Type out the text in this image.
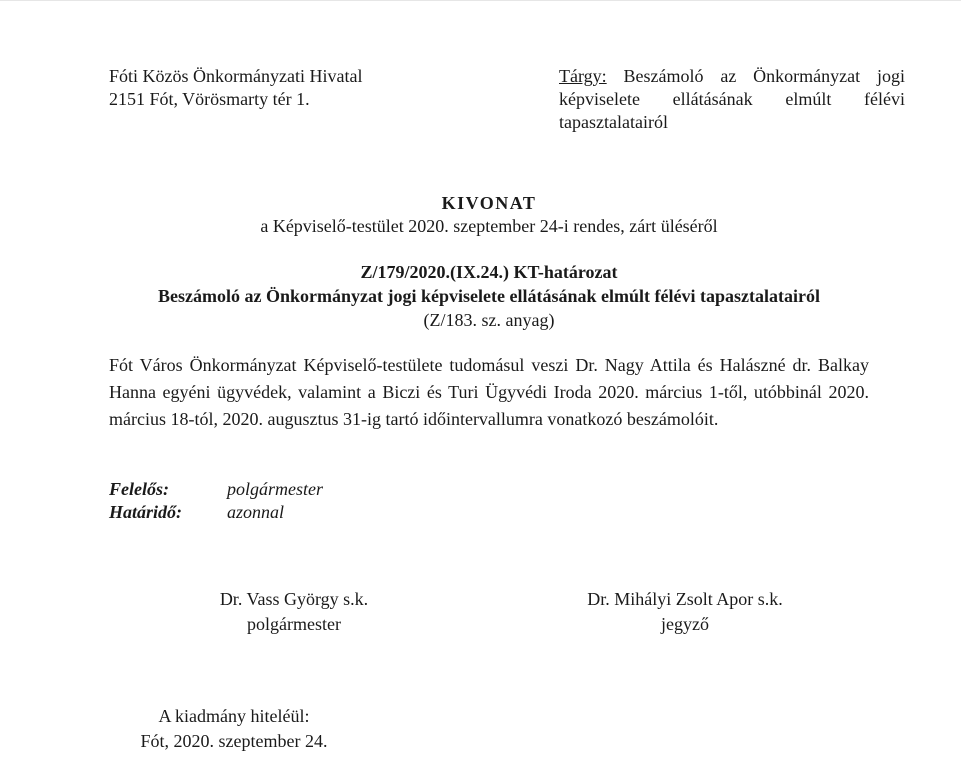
Fóti Közös Önkormányzati Hivatal
2151 Fót, Vörösmarty tér 1.
Tárgy: Beszámoló az Önkormányzat jogi képviselete ellátásának elmúlt félévi tapasztalatairól
KIVONAT
a Képviselő-testület 2020. szeptember 24-i rendes, zárt üléséről
Z/179/2020.(IX.24.) KT-határozat
Beszámoló az Önkormányzat jogi képviselete ellátásának elmúlt félévi tapasztalatairól
(Z/183. sz. anyag)
Fót Város Önkormányzat Képviselő-testülete tudomásul veszi Dr. Nagy Attila és Halászné dr. Balkay Hanna egyéni ügyvédek, valamint a Biczi és Turi Ügyvédi Iroda 2020. március 1-től, utóbbinál 2020. március 18-tól, 2020. augusztus 31-ig tartó időintervallumra vonatkozó beszámolóit.
Felelős:	polgármester
Határidő: azonnal
Dr. Vass György s.k.
polgármester
Dr. Mihályi Zsolt Apor s.k.
jegyző
A kiadmány hiteléül:
Fót, 2020. szeptember 24.
